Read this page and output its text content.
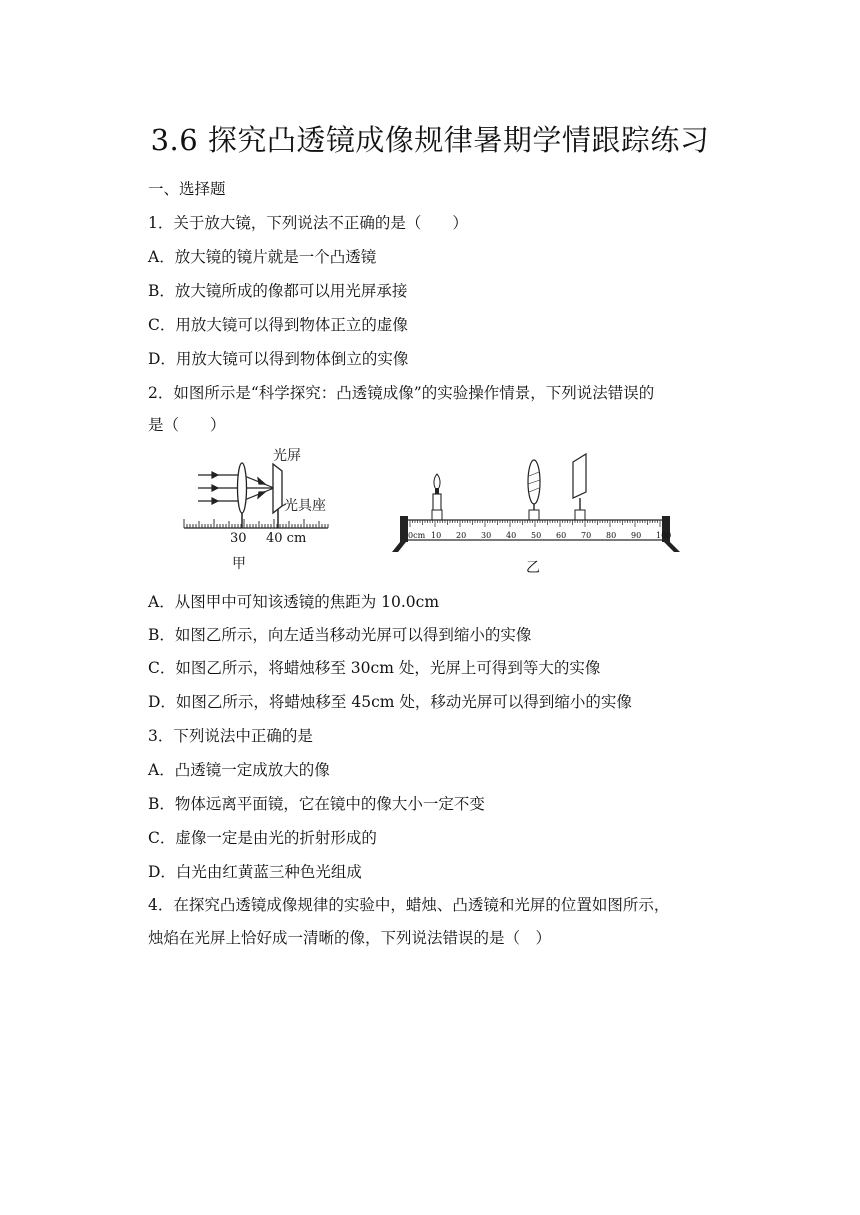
3.6 探究凸透镜成像规律暑期学情跟踪练习
一、选择题
1．关于放大镜，下列说法不正确的是（　　）
A．放大镜的镜片就是一个凸透镜
B．放大镜所成的像都可以用光屏承接
C．用放大镜可以得到物体正立的虚像
D．用放大镜可以得到物体倒立的实像
2．如图所示是“科学探究：凸透镜成像”的实验操作情景，下列说法错误的
是（　　）
光屏
光具座
30 40 cm
甲
0cm 10 20 30 40 50 60 70 80 90 100
乙
A．从图甲中可知该透镜的焦距为 10.0cm
B．如图乙所示，向左适当移动光屏可以得到缩小的实像
C．如图乙所示，将蜡烛移至 30cm 处，光屏上可得到等大的实像
D．如图乙所示，将蜡烛移至 45cm 处，移动光屏可以得到缩小的实像
3．下列说法中正确的是
A．凸透镜一定成放大的像
B．物体远离平面镜，它在镜中的像大小一定不变
C．虚像一定是由光的折射形成的
D．白光由红黄蓝三种色光组成
4．在探究凸透镜成像规律的实验中，蜡烛、凸透镜和光屏的位置如图所示，
烛焰在光屏上恰好成一清晰的像，下列说法错误的是（　）
